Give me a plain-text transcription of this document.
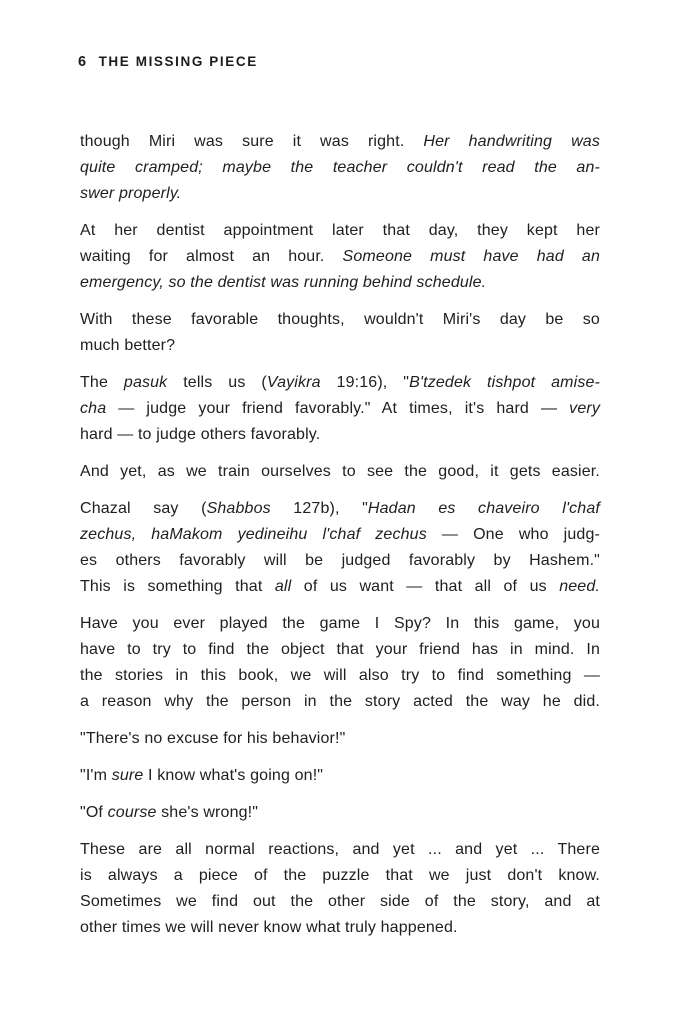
6 THE MISSING PIECE
though Miri was sure it was right. Her handwriting was
quite cramped; maybe the teacher couldn't read the an-
swer properly.
At her dentist appointment later that day, they kept her
waiting for almost an hour. Someone must have had an
emergency, so the dentist was running behind schedule.
With these favorable thoughts, wouldn't Miri's day be so
much better?
The pasuk tells us (Vayikra 19:16), "B'tzedek tishpot amise-
cha — judge your friend favorably." At times, it's hard — very
hard — to judge others favorably.
And yet, as we train ourselves to see the good, it gets easier.
Chazal say (Shabbos 127b), "Hadan es chaveiro l'chaf
zechus, haMakom yedineihu l'chaf zechus — One who judg-
es others favorably will be judged favorably by Hashem."
This is something that all of us want — that all of us need.
Have you ever played the game I Spy? In this game, you
have to try to find the object that your friend has in mind. In
the stories in this book, we will also try to find something —
a reason why the person in the story acted the way he did.
"There's no excuse for his behavior!"
"I'm sure I know what's going on!"
"Of course she's wrong!"
These are all normal reactions, and yet ... and yet ... There
is always a piece of the puzzle that we just don't know.
Sometimes we find out the other side of the story, and at
other times we will never know what truly happened.
